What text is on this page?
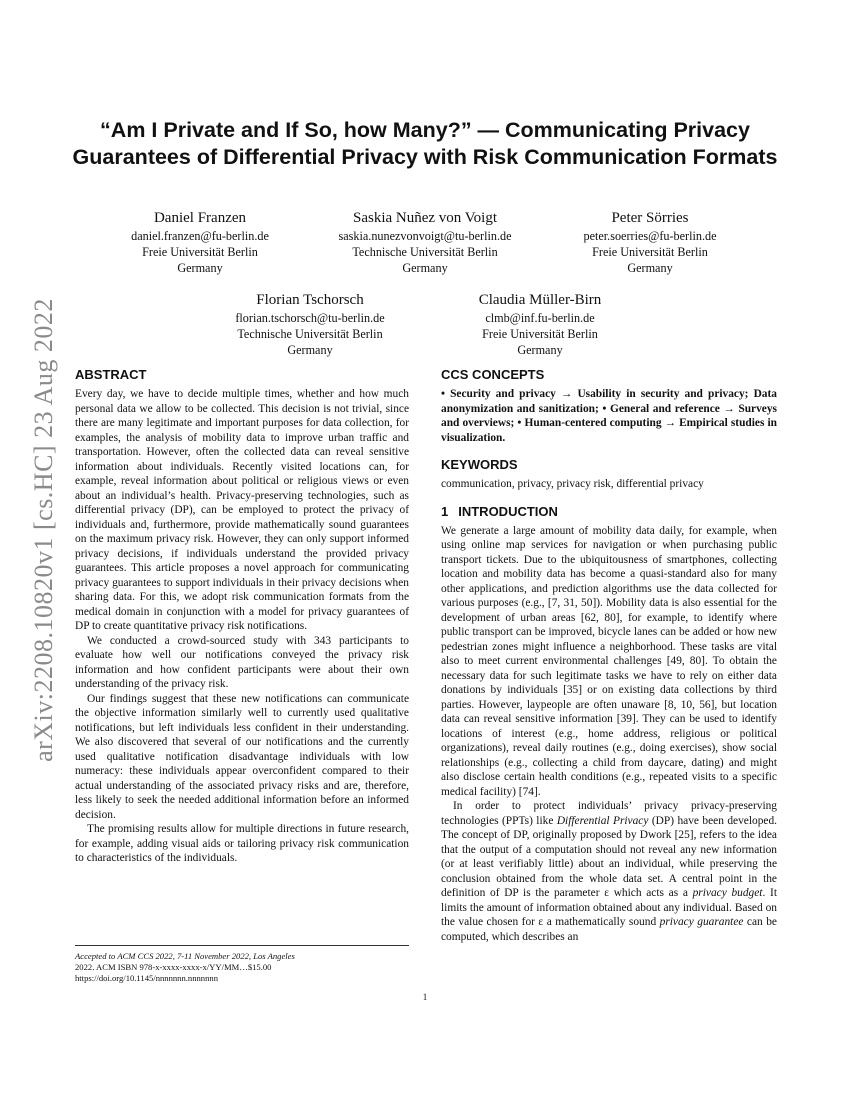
arXiv:2208.10820v1 [cs.HC] 23 Aug 2022
“Am I Private and If So, how Many?” — Communicating Privacy Guarantees of Differential Privacy with Risk Communication Formats
Daniel Franzen
daniel.franzen@fu-berlin.de
Freie Universität Berlin
Germany
Saskia Nuñez von Voigt
saskia.nunezvonvoigt@tu-berlin.de
Technische Universität Berlin
Germany
Peter Sörries
peter.soerries@fu-berlin.de
Freie Universität Berlin
Germany
Florian Tschorsch
florian.tschorsch@tu-berlin.de
Technische Universität Berlin
Germany
Claudia Müller-Birn
clmb@inf.fu-berlin.de
Freie Universität Berlin
Germany
ABSTRACT

Every day, we have to decide multiple times, whether and how much personal data we allow to be collected. This decision is not trivial, since there are many legitimate and important purposes for data collection, for examples, the analysis of mobility data to improve urban traffic and transportation. However, often the collected data can reveal sensitive information about individuals. Recently visited locations can, for example, reveal information about political or religious views or even about an individual’s health. Privacy-preserving technologies, such as differential privacy (DP), can be employed to protect the privacy of individuals and, furthermore, provide mathematically sound guarantees on the maximum privacy risk. However, they can only support informed privacy decisions, if individuals understand the provided privacy guarantees. This article proposes a novel approach for communicating privacy guarantees to support individuals in their privacy decisions when sharing data. For this, we adopt risk communication formats from the medical domain in conjunction with a model for privacy guarantees of DP to create quantitative privacy risk notifications.

We conducted a crowd-sourced study with 343 participants to evaluate how well our notifications conveyed the privacy risk information and how confident participants were about their own understanding of the privacy risk.

Our findings suggest that these new notifications can communicate the objective information similarly well to currently used qualitative notifications, but left individuals less confident in their understanding. We also discovered that several of our notifications and the currently used qualitative notification disadvantage individuals with low numeracy: these individuals appear overconfident compared to their actual understanding of the associated privacy risks and are, therefore, less likely to seek the needed additional information before an informed decision.

The promising results allow for multiple directions in future research, for example, adding visual aids or tailoring privacy risk communication to characteristics of the individuals.

CCS CONCEPTS

• Security and privacy → Usability in security and privacy; Data anonymization and sanitization; • General and reference → Surveys and overviews; • Human-centered computing → Empirical studies in visualization.

KEYWORDS

communication, privacy, privacy risk, differential privacy

1 INTRODUCTION

We generate a large amount of mobility data daily, for example, when using online map services for navigation or when purchasing public transport tickets. Due to the ubiquitousness of smartphones, collecting location and mobility data has become a quasi-standard also for many other applications, and prediction algorithms use the data collected for various purposes (e.g., [7, 31, 50]). Mobility data is also essential for the development of urban areas [62, 80], for example, to identify where public transport can be improved, bicycle lanes can be added or how new pedestrian zones might influence a neighborhood. These tasks are vital also to meet current environmental challenges [49, 80]. To obtain the necessary data for such legitimate tasks we have to rely on either data donations by individuals [35] or on existing data collections by third parties. However, laypeople are often unaware [8, 10, 56], but location data can reveal sensitive information [39]. They can be used to identify locations of interest (e.g., home address, religious or political organizations), reveal daily routines (e.g., doing exercises), show social relationships (e.g., collecting a child from daycare, dating) and might also disclose certain health conditions (e.g., repeated visits to a specific medical facility) [74].

In order to protect individuals’ privacy privacy-preserving technologies (PPTs) like Differential Privacy (DP) have been developed. The concept of DP, originally proposed by Dwork [25], refers to the idea that the output of a computation should not reveal any new information (or at least verifiably little) about an individual, while preserving the conclusion obtained from the whole data set. A central point in the definition of DP is the parameter ε which acts as a privacy budget. It limits the amount of information obtained about any individual. Based on the value chosen for ε a mathematically sound privacy guarantee can be computed, which describes an

Accepted to ACM CCS 2022, 7-11 November 2022, Los Angeles
2022. ACM ISBN 978-x-xxxx-xxxx-x/YY/MM…$15.00
https://doi.org/10.1145/nnnnnnn.nnnnnnn
1
